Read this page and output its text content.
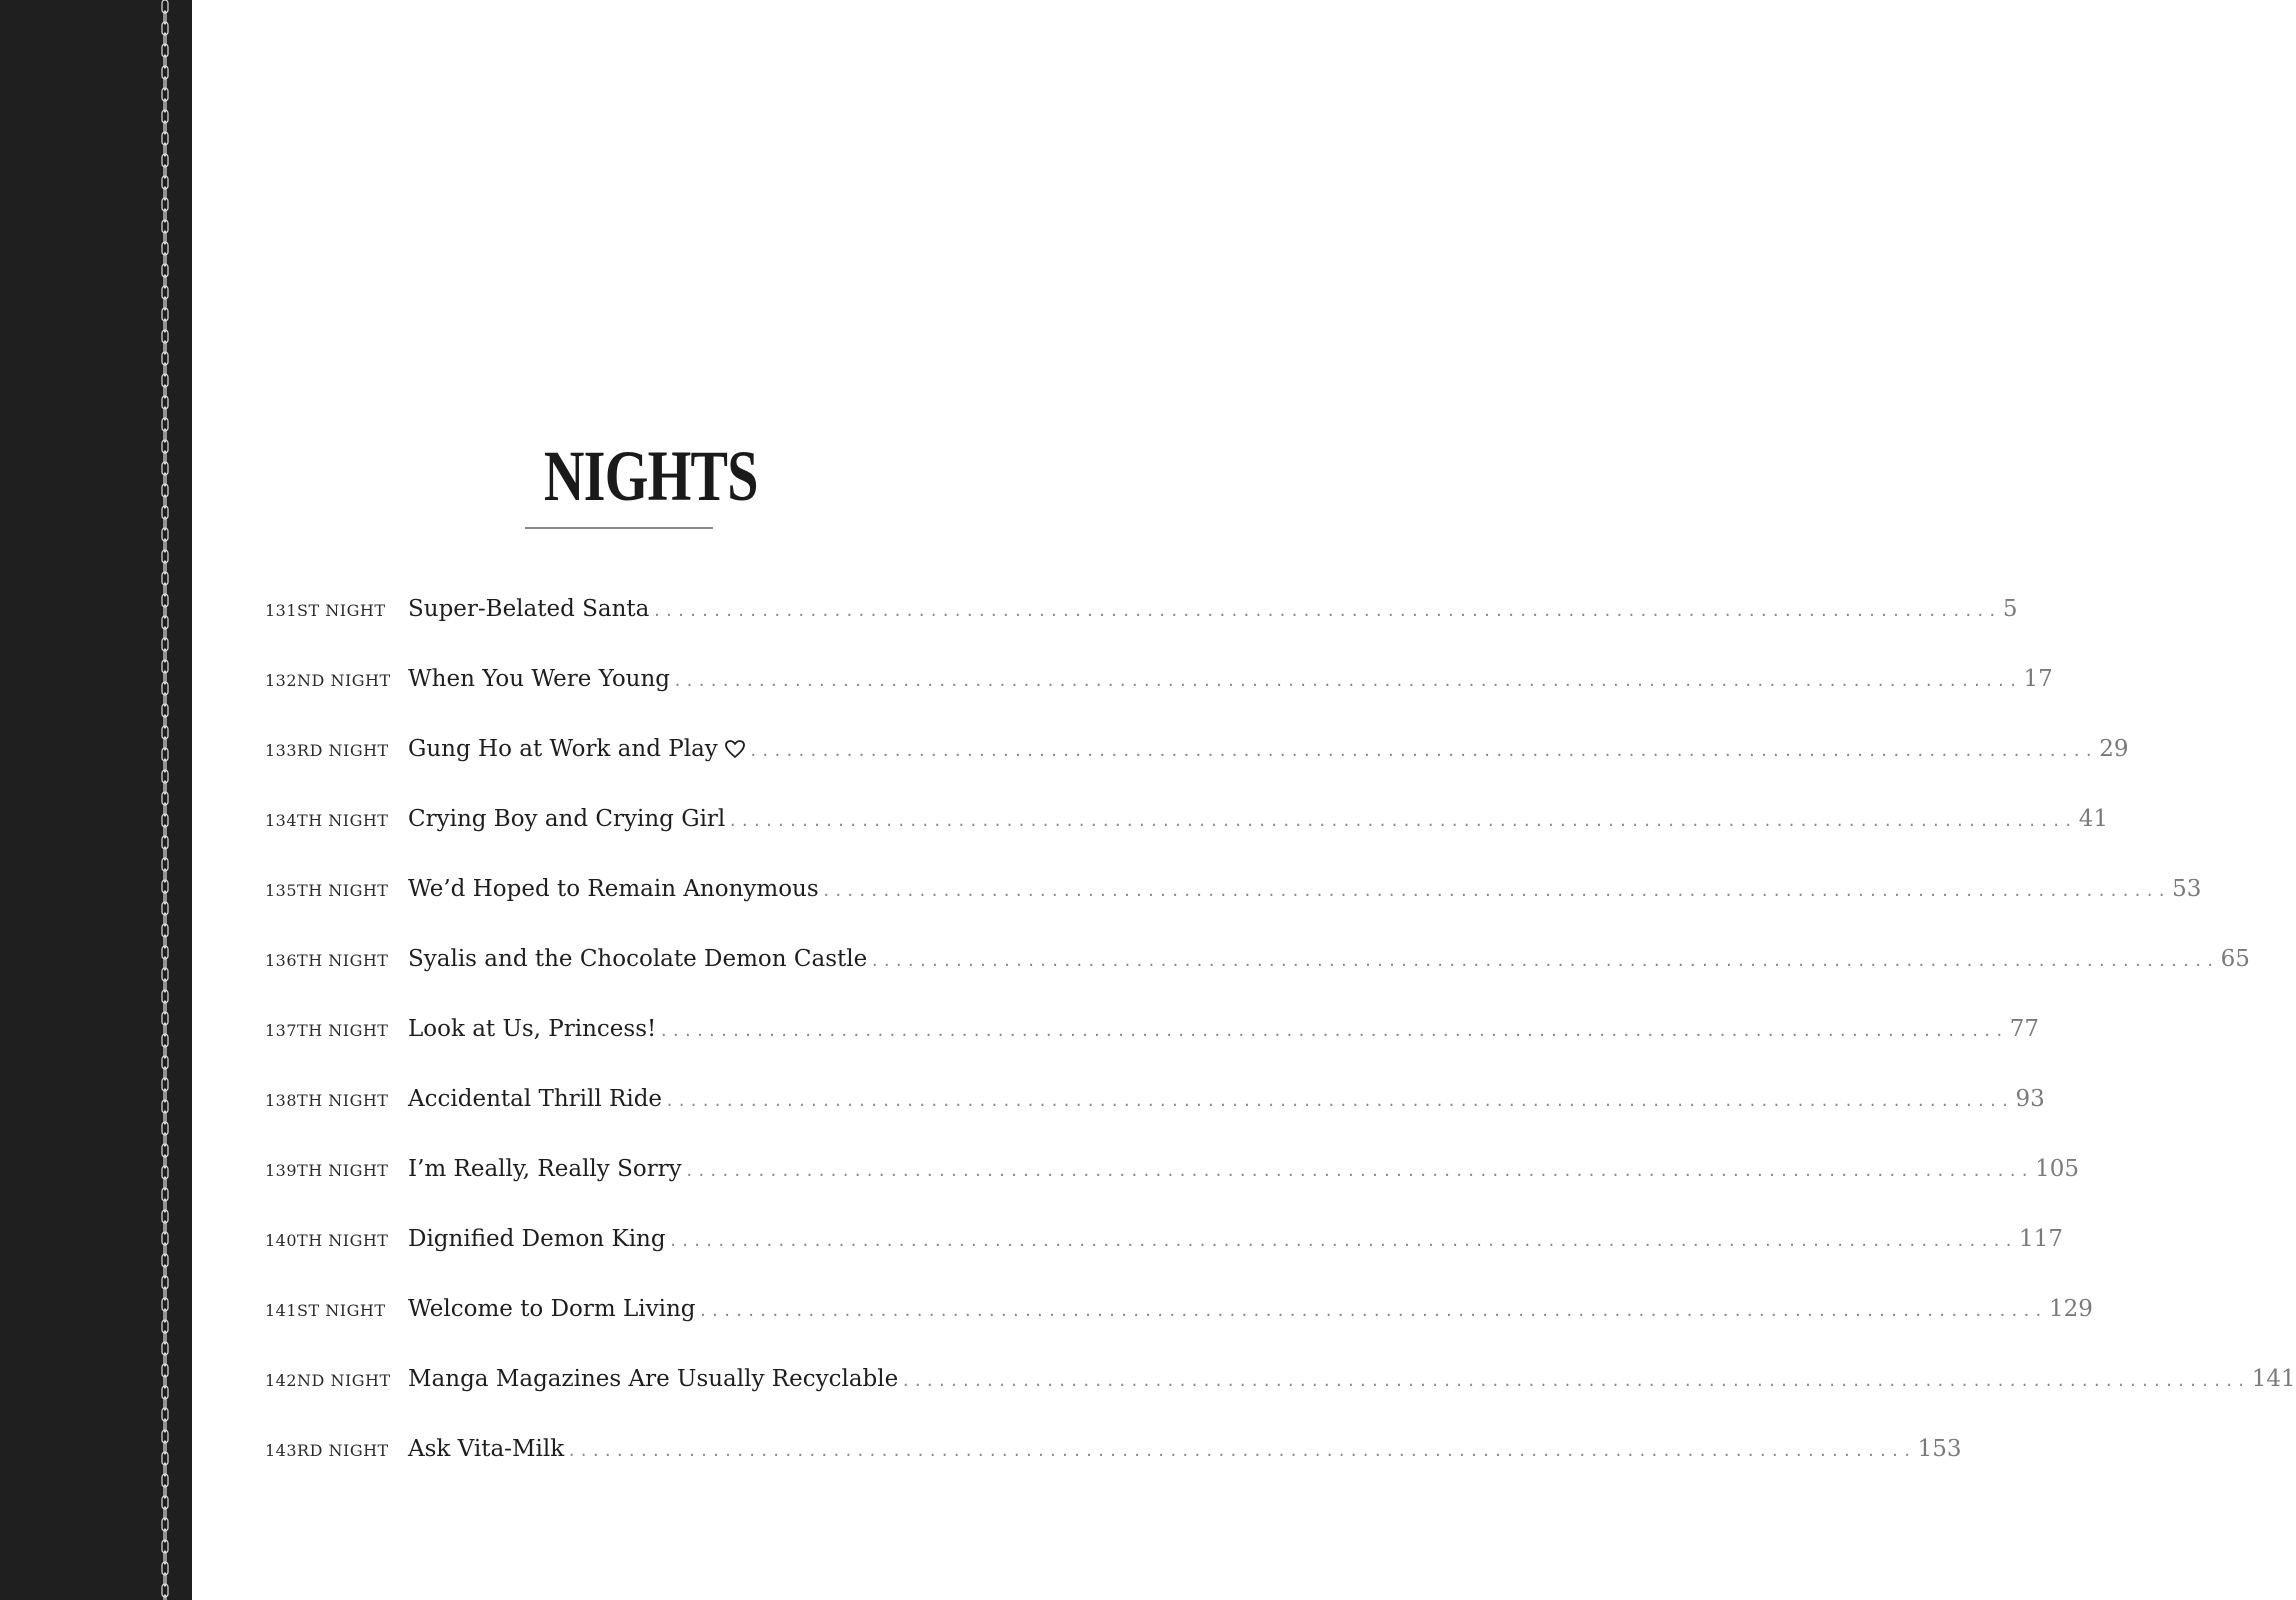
NIGHTS
131ST NIGHT Super-Belated Santa ................................................................................................................ 5
132ND NIGHT When You Were Young ................................................................................................................ 17
133RD NIGHT Gung Ho at Work and Play ................................................................................................................ 29
134TH NIGHT Crying Boy and Crying Girl ................................................................................................................ 41
135TH NIGHT We’d Hoped to Remain Anonymous ................................................................................................................ 53
136TH NIGHT Syalis and the Chocolate Demon Castle ................................................................................................................ 65
137TH NIGHT Look at Us, Princess! ................................................................................................................ 77
138TH NIGHT Accidental Thrill Ride ................................................................................................................ 93
139TH NIGHT I’m Really, Really Sorry ................................................................................................................ 105
140TH NIGHT Dignified Demon King ................................................................................................................ 117
141ST NIGHT Welcome to Dorm Living ................................................................................................................ 129
142ND NIGHT Manga Magazines Are Usually Recyclable ................................................................................................................ 141
143RD NIGHT Ask Vita-Milk ................................................................................................................ 153
